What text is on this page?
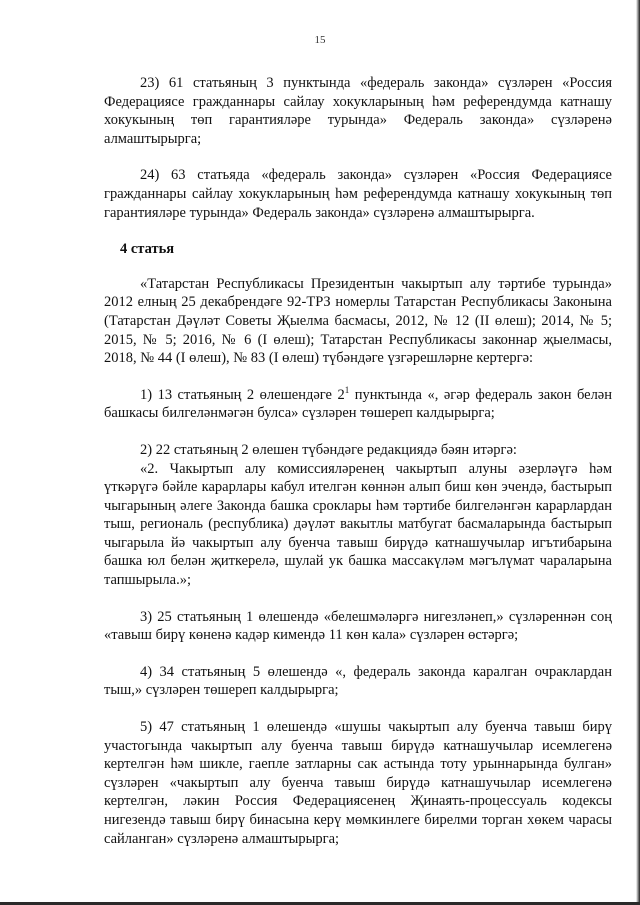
15

23) 61 статьяның 3 пунктында «федераль законда» сүзләрен «Россия Федерациясе гражданнары сайлау хокукларының һәм референдумда катнашу хокукының төп гарантияләре турында» Федераль законда» сүзләренә алмаштырырга;

24) 63 статьяда «федераль законда» сүзләрен «Россия Федерациясе гражданнары сайлау хокукларының һәм референдумда катнашу хокукының төп гарантияләре турында» Федераль законда» сүзләренә алмаштырырга.

4 статья

«Татарстан Республикасы Президентын чакыртып алу тәртибе турында» 2012 елның 25 декабрендәге 92-ТРЗ номерлы Татарстан Республикасы Законына (Татарстан Дәүләт Советы Җыелма басмасы, 2012, № 12 (II өлеш); 2014, № 5; 2015, № 5; 2016, № 6 (I өлеш); Татарстан Республикасы законнар җыелмасы, 2018, № 44 (I өлеш), № 83 (I өлеш) түбәндәге үзгәрешләрне кертергә:

1) 13 статьяның 2 өлешендәге $2^1$ пунктында «, әгәр федераль закон белән башкасы билгеләнмәгән булса» сүзләрен төшереп калдырырга;

2) 22 статьяның 2 өлешен түбәндәге редакциядә бәян итәргә:

«2. Чакыртып алу комиссияләренең чакыртып алуны әзерләүгә һәм үткәрүгә бәйле карарлары кабул ителгән көннән алып биш көн эчендә, бастырып чыгарының әлеге Законда башка сроклары һәм тәртибе билгеләнгән карарлардан тыш, региональ (республика) дәүләт вакытлы матбугат басмаларында бастырып чыгарыла йә чакыртып алу буенча тавыш бирүдә катнашучылар игътибарына башка юл белән җиткерелә, шулай ук башка массакүләм мәгълүмат чараларына тапшырыла.»;

3) 25 статьяның 1 өлешендә «белешмәләргә нигезләнеп,» сүзләреннән соң «тавыш бирү көненә кадәр кимендә 11 көн кала» сүзләрен өстәргә;

4) 34 статьяның 5 өлешендә «, федераль законда каралган очраклардан тыш,» сүзләрен төшереп калдырырга;

5) 47 статьяның 1 өлешендә «шушы чакыртып алу буенча тавыш бирү участогында чакыртып алу буенча тавыш бирүдә катнашучылар исемлегенә кертелгән һәм шикле, гаепле затларны сак астында тоту урыннарында булган» сүзләрен «чакыртып алу буенча тавыш бирүдә катнашучылар исемлегенә кертелгән, ләкин Россия Федерациясенең Җинаять-процессуаль кодексы нигезендә тавыш бирү бинасына керү мөмкинлеге бирелми торган хөкем чарасы сайланган» сүзләренә алмаштырырга;
